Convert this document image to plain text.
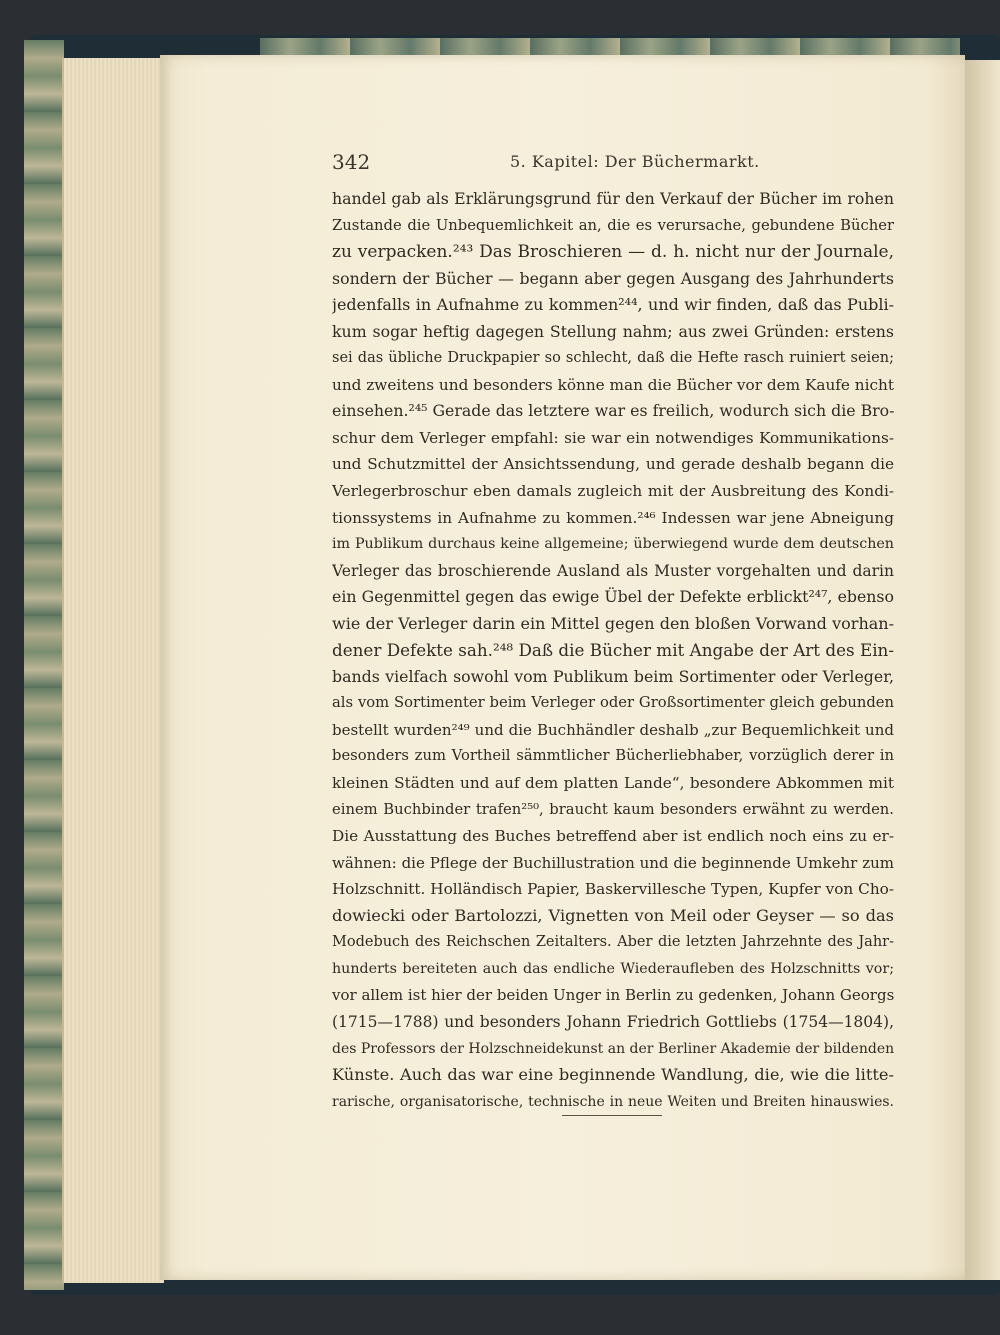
342	5. Kapitel: Der Büchermarkt.
handel gab als Erklärungsgrund für den Verkauf der Bücher im rohen
Zustande die Unbequemlichkeit an, die es verursache, gebundene Bücher
zu verpacken.²⁴³ Das Broschieren — d. h. nicht nur der Journale,
sondern der Bücher — begann aber gegen Ausgang des Jahrhunderts
jedenfalls in Aufnahme zu kommen²⁴⁴, und wir finden, daß das Publi-
kum sogar heftig dagegen Stellung nahm; aus zwei Gründen: erstens
sei das übliche Druckpapier so schlecht, daß die Hefte rasch ruiniert seien;
und zweitens und besonders könne man die Bücher vor dem Kaufe nicht
einsehen.²⁴⁵ Gerade das letztere war es freilich, wodurch sich die Bro-
schur dem Verleger empfahl: sie war ein notwendiges Kommunikations-
und Schutzmittel der Ansichtssendung, und gerade deshalb begann die
Verlegerbroschur eben damals zugleich mit der Ausbreitung des Kondi-
tionssystems in Aufnahme zu kommen.²⁴⁶ Indessen war jene Abneigung
im Publikum durchaus keine allgemeine; überwiegend wurde dem deutschen
Verleger das broschierende Ausland als Muster vorgehalten und darin
ein Gegenmittel gegen das ewige Übel der Defekte erblickt²⁴⁷, ebenso
wie der Verleger darin ein Mittel gegen den bloßen Vorwand vorhan-
dener Defekte sah.²⁴⁸ Daß die Bücher mit Angabe der Art des Ein-
bands vielfach sowohl vom Publikum beim Sortimenter oder Verleger,
als vom Sortimenter beim Verleger oder Großsortimenter gleich gebunden
bestellt wurden²⁴⁹ und die Buchhändler deshalb „zur Bequemlichkeit und
besonders zum Vortheil sämmtlicher Bücherliebhaber, vorzüglich derer in
kleinen Städten und auf dem platten Lande“, besondere Abkommen mit
einem Buchbinder trafen²⁵⁰, braucht kaum besonders erwähnt zu werden.
Die Ausstattung des Buches betreffend aber ist endlich noch eins zu er-
wähnen: die Pflege der Buchillustration und die beginnende Umkehr zum
Holzschnitt. Holländisch Papier, Baskervillesche Typen, Kupfer von Cho-
dowiecki oder Bartolozzi, Vignetten von Meil oder Geyser — so das
Modebuch des Reichschen Zeitalters. Aber die letzten Jahrzehnte des Jahr-
hunderts bereiteten auch das endliche Wiederaufleben des Holzschnitts vor;
vor allem ist hier der beiden Unger in Berlin zu gedenken, Johann Georgs
(1715—1788) und besonders Johann Friedrich Gottliebs (1754—1804),
des Professors der Holzschneidekunst an der Berliner Akademie der bildenden
Künste. Auch das war eine beginnende Wandlung, die, wie die litte-
rarische, organisatorische, technische in neue Weiten und Breiten hinauswies.
